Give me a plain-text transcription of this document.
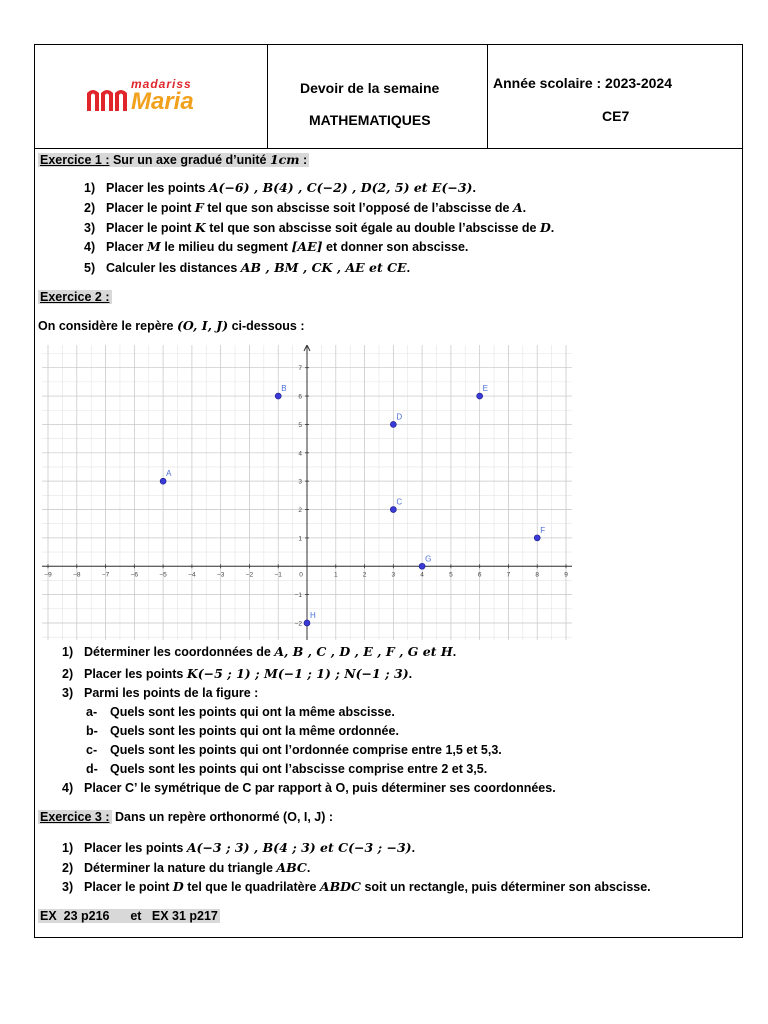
madariss
Maria	Devoir de la semaine
MATHEMATIQUES
Année scolaire : 2023-2024
CE7
Exercice 1 : Sur un axe gradué d’unité 1cm :
1) Placer les points A(−6) , B(4) , C(−2) , D(2, 5) et E(−3).
2) Placer le point F tel que son abscisse soit l’opposé de l’abscisse de A.
3) Placer le point K tel que son abscisse soit égale au double l’abscisse de D.
4) Placer M le milieu du segment [AE] et donner son abscisse.
5) Calculer les distances AB , BM , CK , AE et CE.
Exercice 2 :
On considère le repère (O, I, J) ci-dessous :
−9	−8	−7	−6	−5	−4	−3	−2	−1	0	1	2	3	4	5	6	7	8	9
−2
−1
1
2
3
4
5
6
7
A
B
C
D
E
F
G
H
1) Déterminer les coordonnées de A, B , C , D , E , F , G et H.
2) Placer les points K(−5 ; 1) ; M(−1 ; 1) ; N(−1 ; 3).
3) Parmi les points de la figure :
a- Quels sont les points qui ont la même abscisse.
b- Quels sont les points qui ont la même ordonnée.
c- Quels sont les points qui ont l’ordonnée comprise entre 1,5 et 5,3.
d- Quels sont les points qui ont l’abscisse comprise entre 2 et 3,5.
4) Placer C’ le symétrique de C par rapport à O, puis déterminer ses coordonnées.
Exercice 3 : Dans un repère orthonormé (O, I, J) :
1) Placer les points A(−3 ; 3) , B(4 ; 3) et C(−3 ; −3).
2) Déterminer la nature du triangle ABC.
3) Placer le point D tel que le quadrilatère ABDC soit un rectangle, puis déterminer son abscisse.
EX  23 p216      et   EX 31 p217
